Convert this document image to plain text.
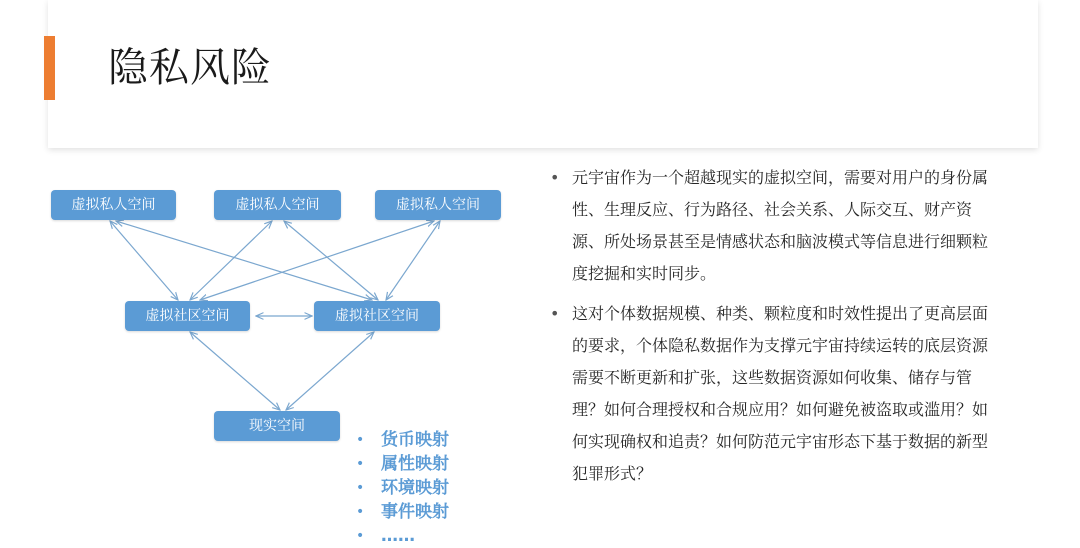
隐私风险
虚拟私人空间	虚拟私人空间	虚拟私人空间
虚拟社区空间	虚拟社区空间
现实空间
• 货币映射
• 属性映射
• 环境映射
• 事件映射
• ……
• 元宇宙作为一个超越现实的虚拟空间，需要对用户的身份属性、生理反应、行为路径、社会关系、人际交互、财产资源、所处场景甚至是情感状态和脑波模式等信息进行细颗粒度挖掘和实时同步。
• 这对个体数据规模、种类、颗粒度和时效性提出了更高层面的要求，个体隐私数据作为支撑元宇宙持续运转的底层资源需要不断更新和扩张，这些数据资源如何收集、储存与管理？如何合理授权和合规应用？如何避免被盗取或滥用？如何实现确权和追责？如何防范元宇宙形态下基于数据的新型犯罪形式？
